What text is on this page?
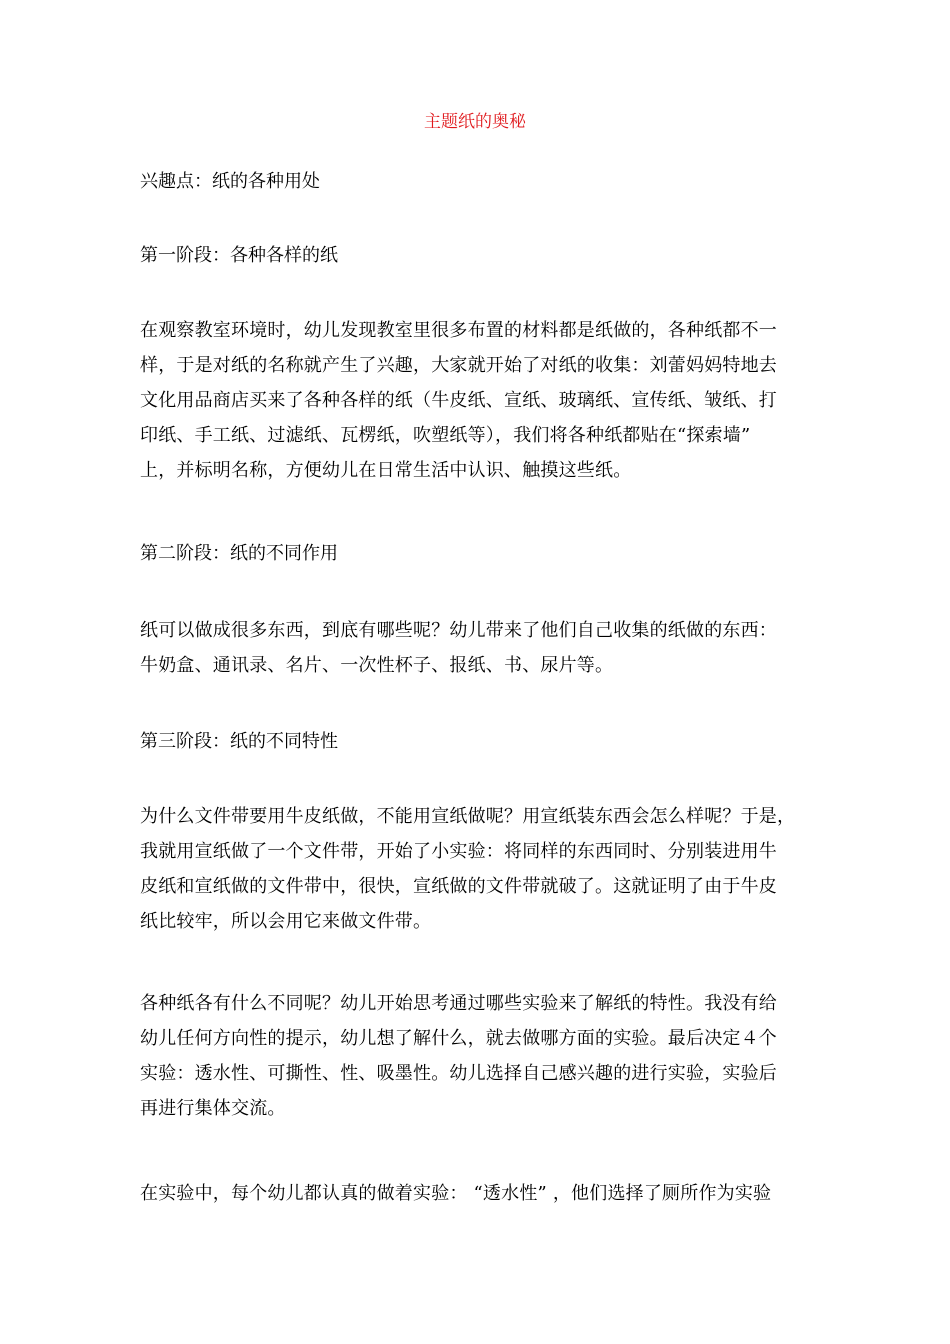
主题纸的奥秘
兴趣点：纸的各种用处
第一阶段：各种各样的纸
在观察教室环境时，幼儿发现教室里很多布置的材料都是纸做的，各种纸都不一
样，于是对纸的名称就产生了兴趣，大家就开始了对纸的收集：刘蕾妈妈特地去
文化用品商店买来了各种各样的纸（牛皮纸、宣纸、玻璃纸、宣传纸、皱纸、打
印纸、手工纸、过滤纸、瓦楞纸，吹塑纸等），我们将各种纸都贴在“探索墙”
上，并标明名称，方便幼儿在日常生活中认识、触摸这些纸。
第二阶段：纸的不同作用
纸可以做成很多东西，到底有哪些呢？幼儿带来了他们自己收集的纸做的东西：
牛奶盒、通讯录、名片、一次性杯子、报纸、书、尿片等。
第三阶段：纸的不同特性
为什么文件带要用牛皮纸做，不能用宣纸做呢？用宣纸装东西会怎么样呢？于是，
我就用宣纸做了一个文件带，开始了小实验：将同样的东西同时、分别装进用牛
皮纸和宣纸做的文件带中，很快，宣纸做的文件带就破了。这就证明了由于牛皮
纸比较牢，所以会用它来做文件带。
各种纸各有什么不同呢？幼儿开始思考通过哪些实验来了解纸的特性。我没有给
幼儿任何方向性的提示，幼儿想了解什么，就去做哪方面的实验。最后决定４个
实验：透水性、可撕性、性、吸墨性。幼儿选择自己感兴趣的进行实验，实验后
再进行集体交流。
在实验中，每个幼儿都认真的做着实验： “透水性” ，他们选择了厕所作为实验
